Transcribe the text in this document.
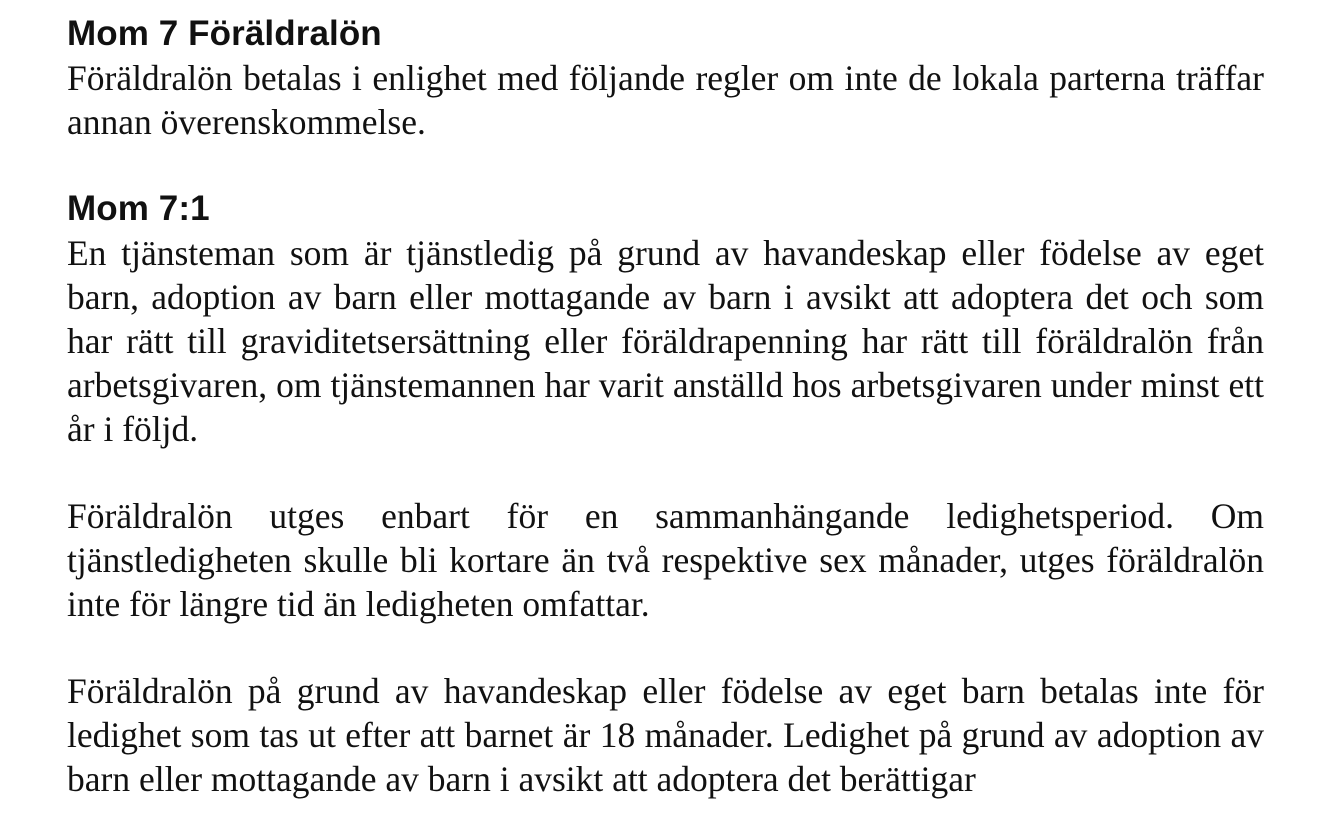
Mom 7 Föräldralön

Föräldralön betalas i enlighet med följande regler om inte de lokala parterna träffar annan överenskommelse.

Mom 7:1

En tjänsteman som är tjänstledig på grund av havandeskap eller födelse av eget barn, adoption av barn eller mottagande av barn i avsikt att adoptera det och som har rätt till graviditetsersättning eller föräldrapenning har rätt till föräldralön från arbetsgivaren, om tjänstemannen har varit anställd hos arbetsgivaren under minst ett år i följd.

Föräldralön utges enbart för en sammanhängande ledighetsperiod. Om tjänstledigheten skulle bli kortare än två respektive sex månader, utges föräldralön inte för längre tid än ledigheten omfattar.

Föräldralön på grund av havandeskap eller födelse av eget barn betalas inte för ledighet som tas ut efter att barnet är 18 månader. Ledighet på grund av adoption av barn eller mottagande av barn i avsikt att adoptera det berättigar
